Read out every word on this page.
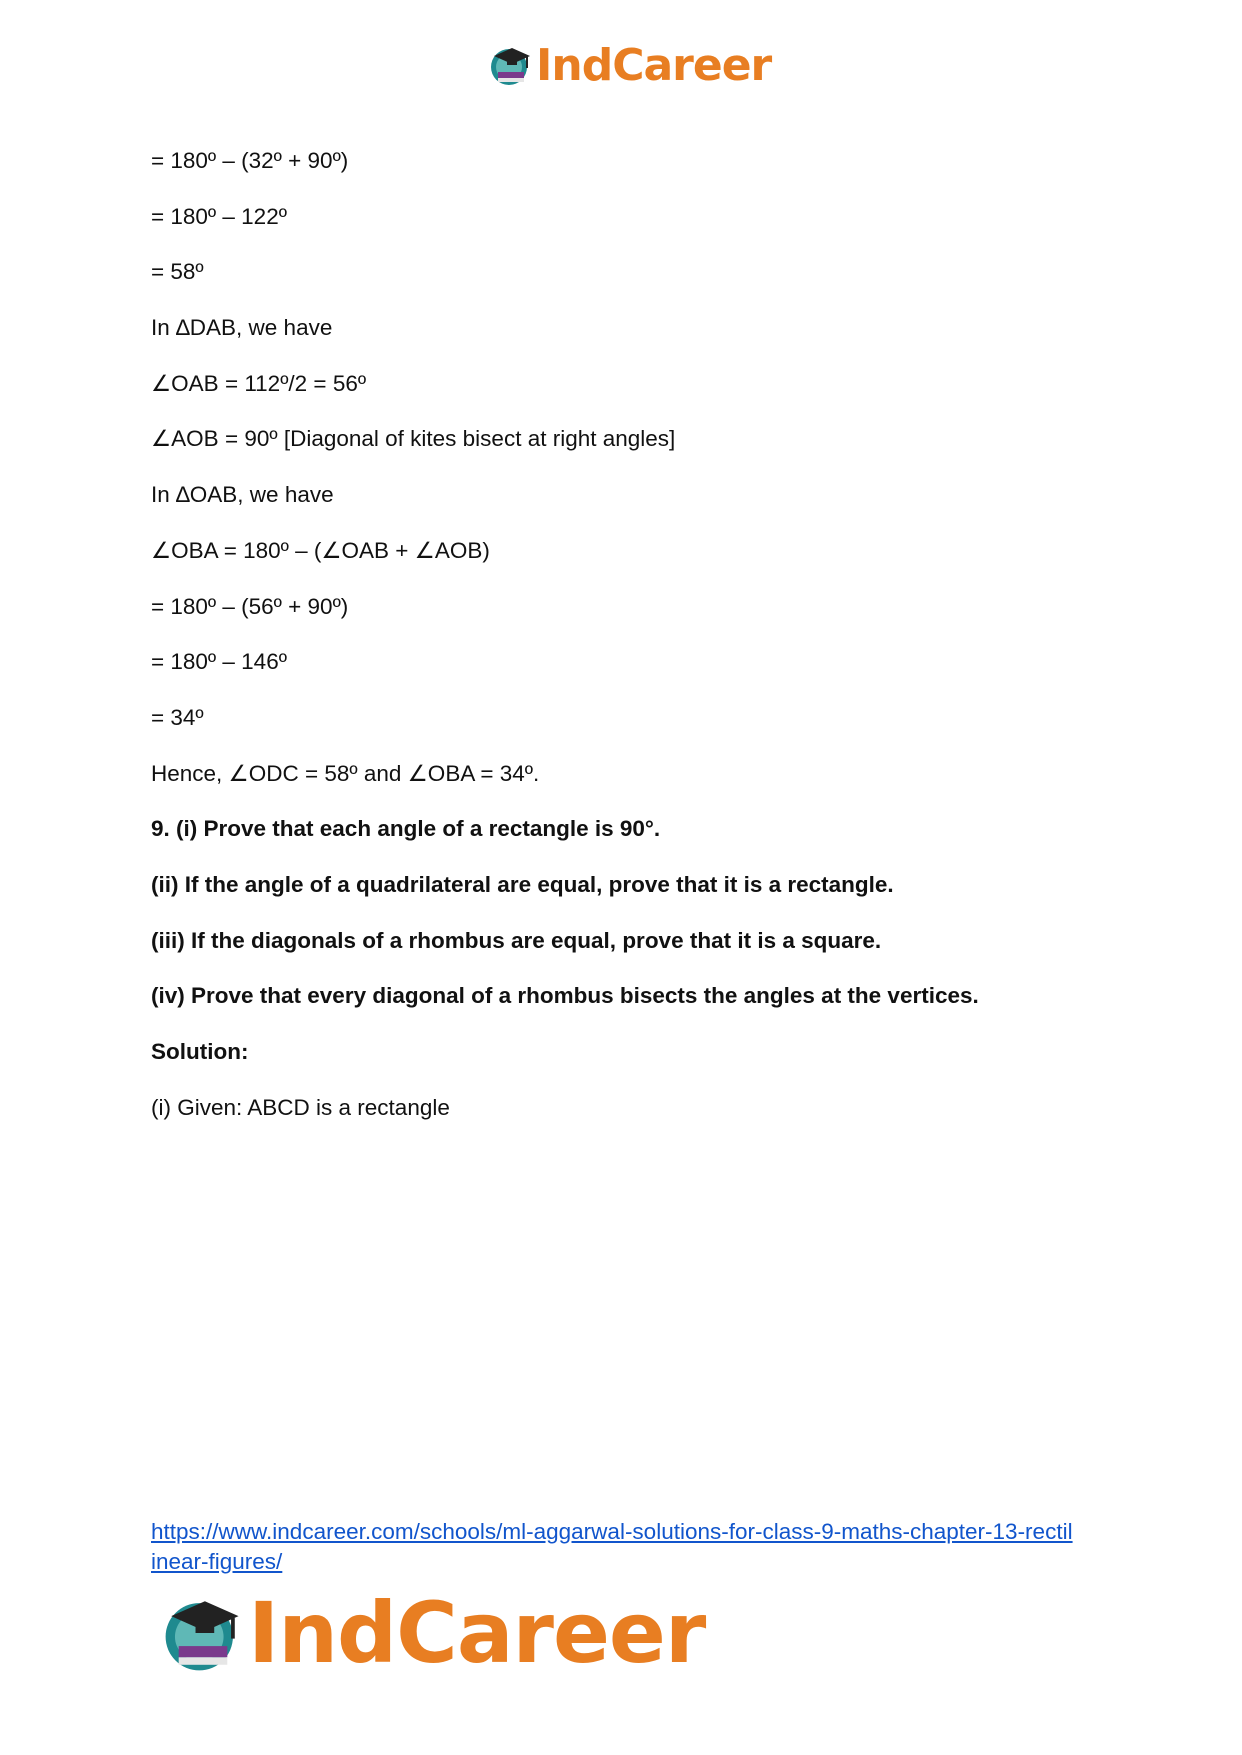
IndCareer
= 180º – (32º + 90º)
= 180º – 122º
= 58º
In ∆DAB, we have
∠OAB = 112º/2 = 56º
∠AOB = 90º [Diagonal of kites bisect at right angles]
In ∆OAB, we have
∠OBA = 180º – (∠OAB + ∠AOB)
= 180º – (56º + 90º)
= 180º – 146º
= 34º
Hence, ∠ODC = 58º and ∠OBA = 34º.
9. (i) Prove that each angle of a rectangle is 90°.
(ii) If the angle of a quadrilateral are equal, prove that it is a rectangle.
(iii) If the diagonals of a rhombus are equal, prove that it is a square.
(iv) Prove that every diagonal of a rhombus bisects the angles at the vertices.
Solution:
(i) Given: ABCD is a rectangle
https://www.indcareer.com/schools/ml-aggarwal-solutions-for-class-9-maths-chapter-13-rectil
inear-figures/
IndCareer
